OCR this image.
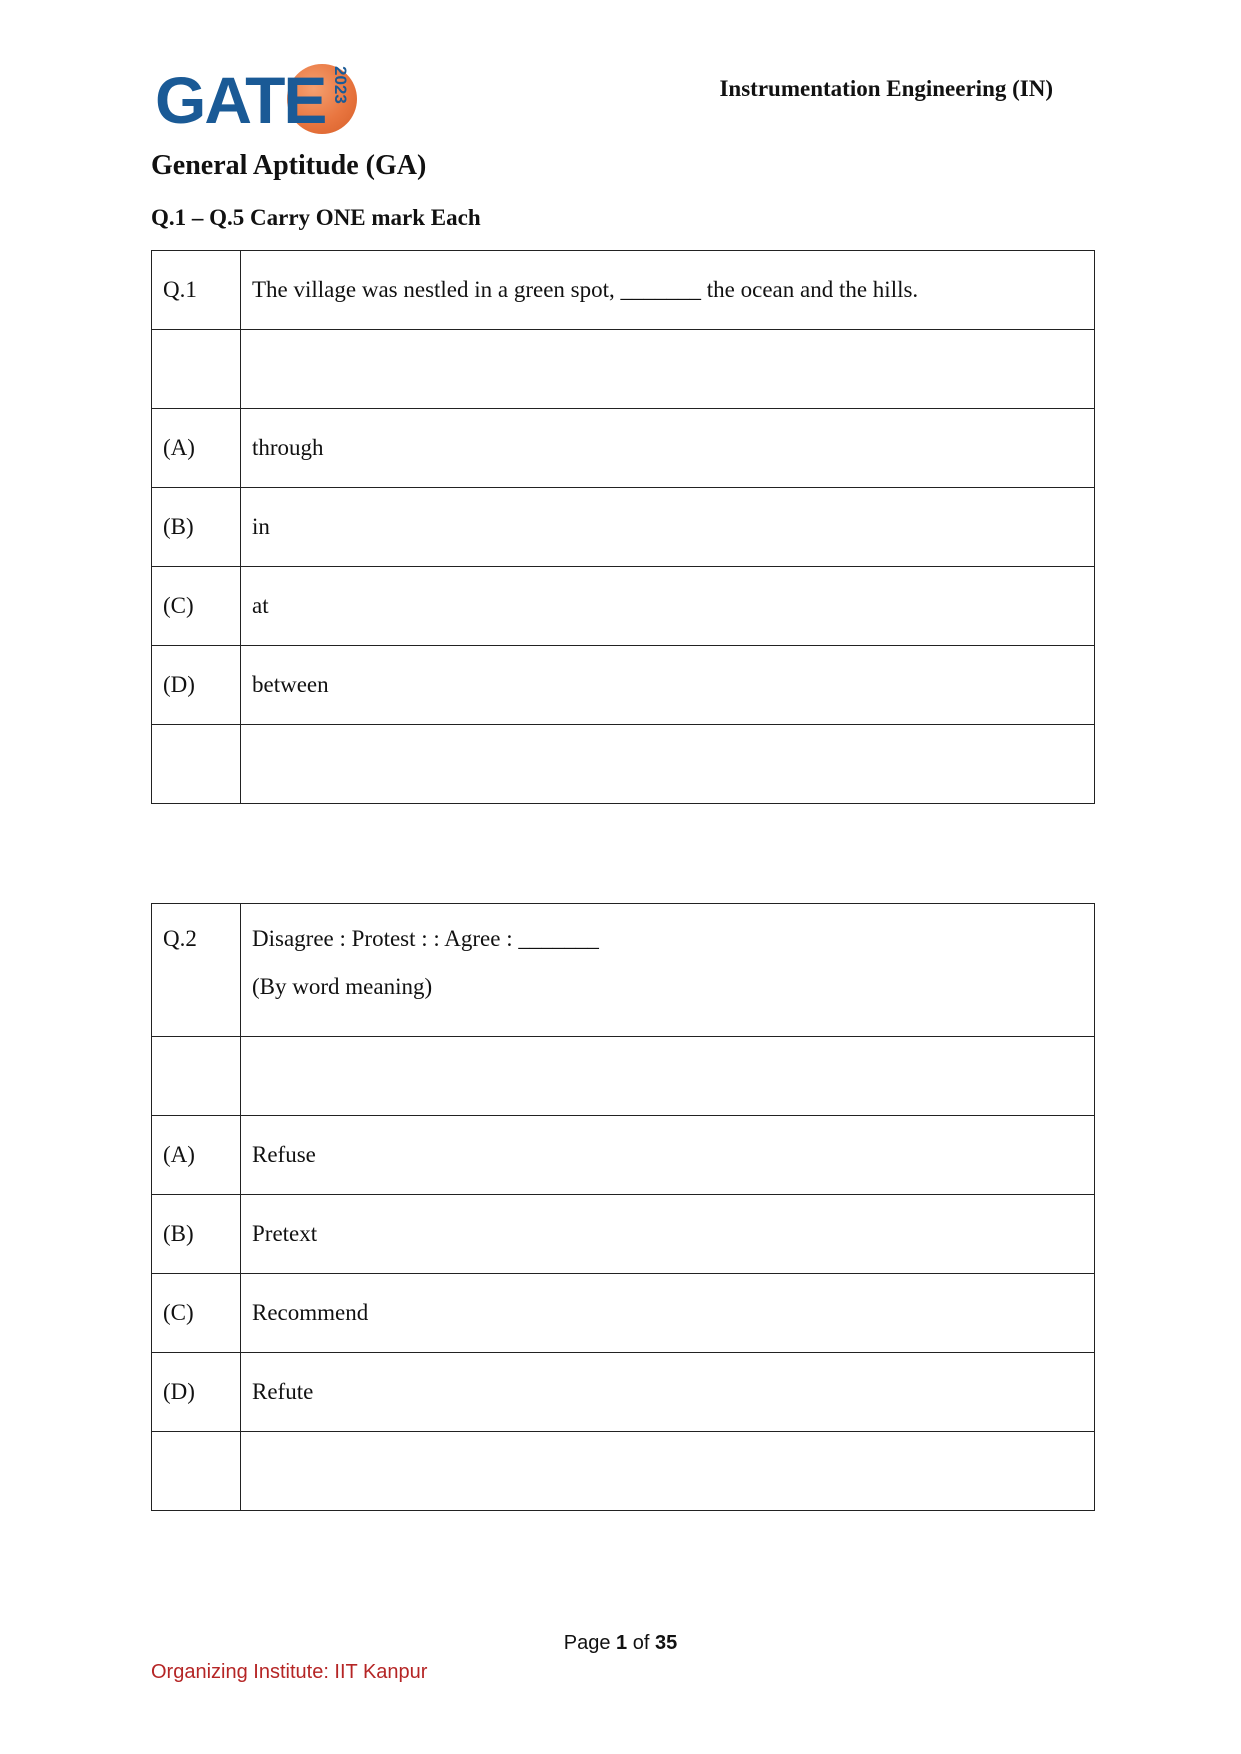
GATE 2023	Instrumentation Engineering (IN)
General Aptitude (GA)
Q.1 – Q.5 Carry ONE mark Each
Q.1	The village was nestled in a green spot, _______ the ocean and the hills.

(A)	through
(B)	in
(C)	at
(D)	between

Q.2	Disagree : Protest : : Agree : _______
(By word meaning)

(A)	Refuse
(B)	Pretext
(C)	Recommend
(D)	Refute

Page 1 of 35
Organizing Institute: IIT Kanpur
